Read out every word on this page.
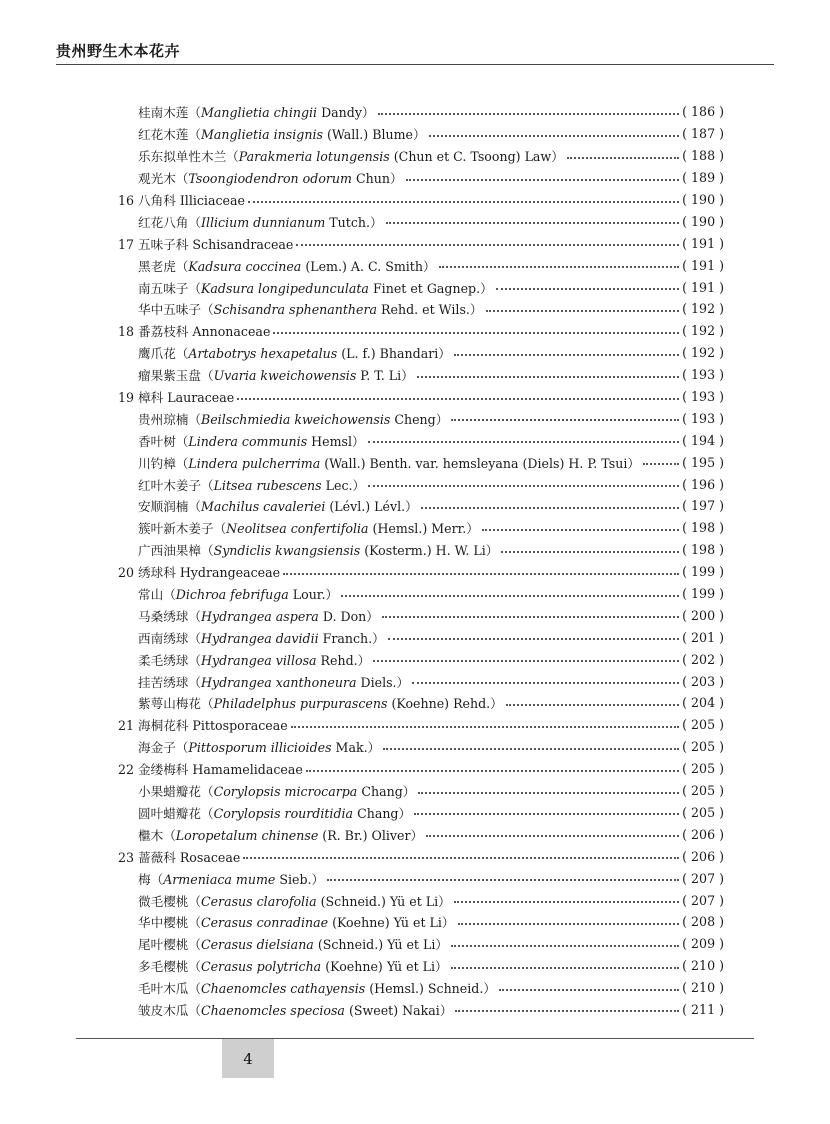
贵州野生木本花卉
桂南木莲（Manglietia chingii Dandy）	( 186 )
红花木莲（Manglietia insignis (Wall.) Blume）	( 187 )
乐东拟单性木兰（Parakmeria lotungensis (Chun et C. Tsoong) Law）	( 188 )
观光木（Tsoongiodendron odorum Chun）	( 189 )
16 八角科 Illiciaceae	( 190 )
红花八角（Illicium dunnianum Tutch.）	( 190 )
17 五味子科 Schisandraceae	( 191 )
黑老虎（Kadsura coccinea (Lem.) A. C. Smith）	( 191 )
南五味子（Kadsura longipedunculata Finet et Gagnep.）	( 191 )
华中五味子（Schisandra sphenanthera Rehd. et Wils.）	( 192 )
18 番荔枝科 Annonaceae	( 192 )
鹰爪花（Artabotrys hexapetalus (L. f.) Bhandari）	( 192 )
瘤果紫玉盘（Uvaria kweichowensis P. T. Li）	( 193 )
19 樟科 Lauraceae	( 193 )
贵州琼楠（Beilschmiedia kweichowensis Cheng）	( 193 )
香叶树（Lindera communis Hemsl）	( 194 )
川钓樟（Lindera pulcherrima (Wall.) Benth. var. hemsleyana (Diels) H. P. Tsui）	( 195 )
红叶木姜子（Litsea rubescens Lec.）	( 196 )
安顺润楠（Machilus cavaleriei (Lévl.) Lévl.）	( 197 )
簇叶新木姜子（Neolitsea confertifolia (Hemsl.) Merr.）	( 198 )
广西油果樟（Syndiclis kwangsiensis (Kosterm.) H. W. Li）	( 198 )
20 绣球科 Hydrangeaceae	( 199 )
常山（Dichroa febrifuga Lour.）	( 199 )
马桑绣球（Hydrangea aspera D. Don）	( 200 )
西南绣球（Hydrangea davidii Franch.）	( 201 )
柔毛绣球（Hydrangea villosa Rehd.）	( 202 )
挂苦绣球（Hydrangea xanthoneura Diels.）	( 203 )
紫萼山梅花（Philadelphus purpurascens (Koehne) Rehd.）	( 204 )
21 海桐花科 Pittosporaceae	( 205 )
海金子（Pittosporum illicioides Mak.）	( 205 )
22 金缕梅科 Hamamelidaceae	( 205 )
小果蜡瓣花（Corylopsis microcarpa Chang）	( 205 )
圆叶蜡瓣花（Corylopsis rourditidia Chang）	( 205 )
檵木（Loropetalum chinense (R. Br.) Oliver）	( 206 )
23 蔷薇科 Rosaceae	( 206 )
梅（Armeniaca mume Sieb.）	( 207 )
微毛樱桃（Cerasus clarofolia (Schneid.) Yü et Li）	( 207 )
华中樱桃（Cerasus conradinae (Koehne) Yü et Li）	( 208 )
尾叶樱桃（Cerasus dielsiana (Schneid.) Yü et Li）	( 209 )
多毛樱桃（Cerasus polytricha (Koehne) Yü et Li）	( 210 )
毛叶木瓜（Chaenomcles cathayensis (Hemsl.) Schneid.）	( 210 )
皱皮木瓜（Chaenomcles speciosa (Sweet) Nakai）	( 211 )
4
